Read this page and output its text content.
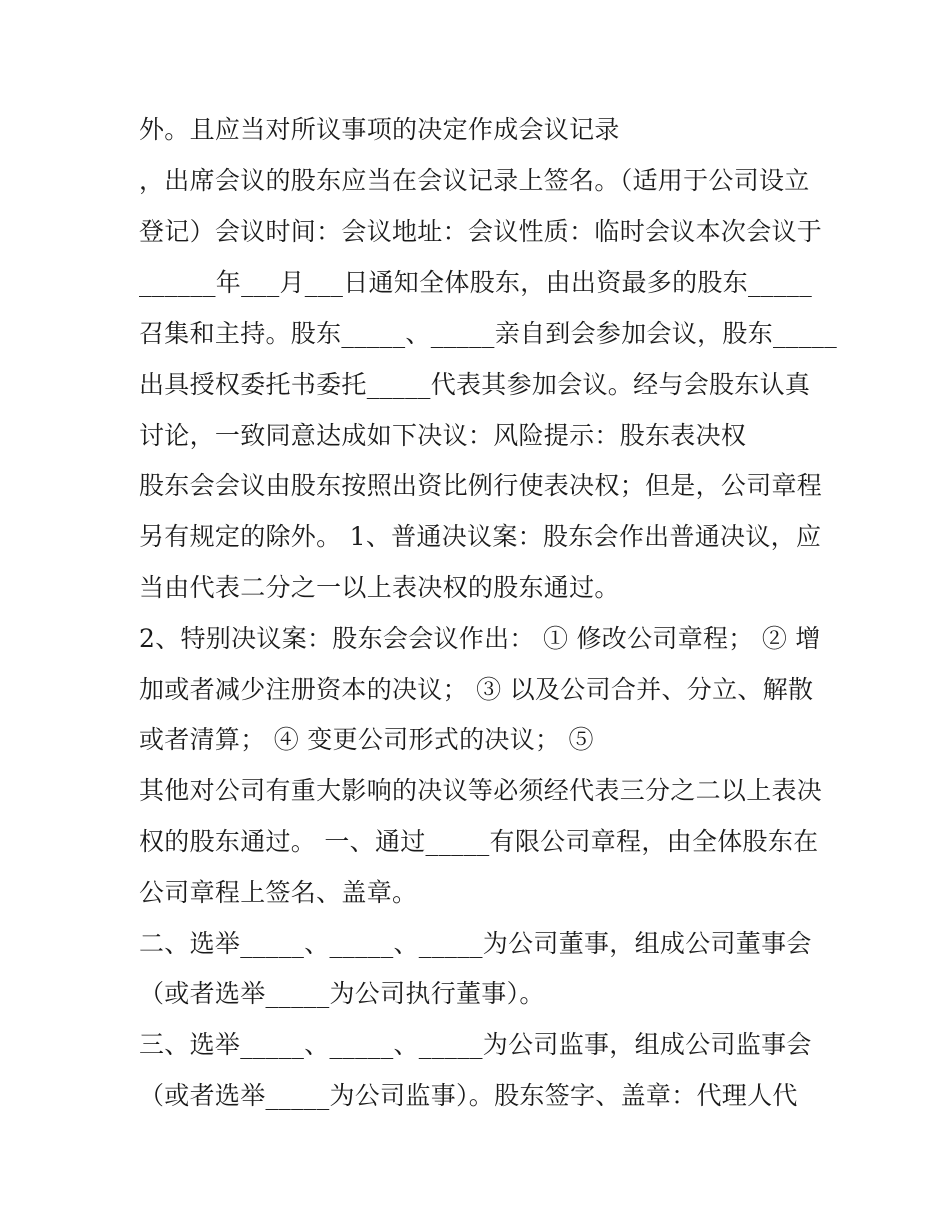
外。且应当对所议事项的决定作成会议记录
，出席会议的股东应当在会议记录上签名。（适用于公司设立
登记）会议时间：会议地址：会议性质：临时会议本次会议于
______年___月___日通知全体股东，由出资最多的股东_____
召集和主持。股东_____、_____亲自到会参加会议，股东_____
出具授权委托书委托_____代表其参加会议。经与会股东认真
讨论，一致同意达成如下决议：风险提示：股东表决权
股东会会议由股东按照出资比例行使表决权；但是，公司章程
另有规定的除外。 1、普通决议案：股东会作出普通决议，应
当由代表二分之一以上表决权的股东通过。
2、特别决议案：股东会会议作出： ① 修改公司章程； ② 增
加或者减少注册资本的决议； ③ 以及公司合并、分立、解散
或者清算； ④ 变更公司形式的决议； ⑤
其他对公司有重大影响的决议等必须经代表三分之二以上表决
权的股东通过。 一、通过_____有限公司章程，由全体股东在
公司章程上签名、盖章。
二、选举_____、_____、_____为公司董事，组成公司董事会
（或者选举_____为公司执行董事）。
三、选举_____、_____、_____为公司监事，组成公司监事会
（或者选举_____为公司监事）。股东签字、盖章：代理人代
